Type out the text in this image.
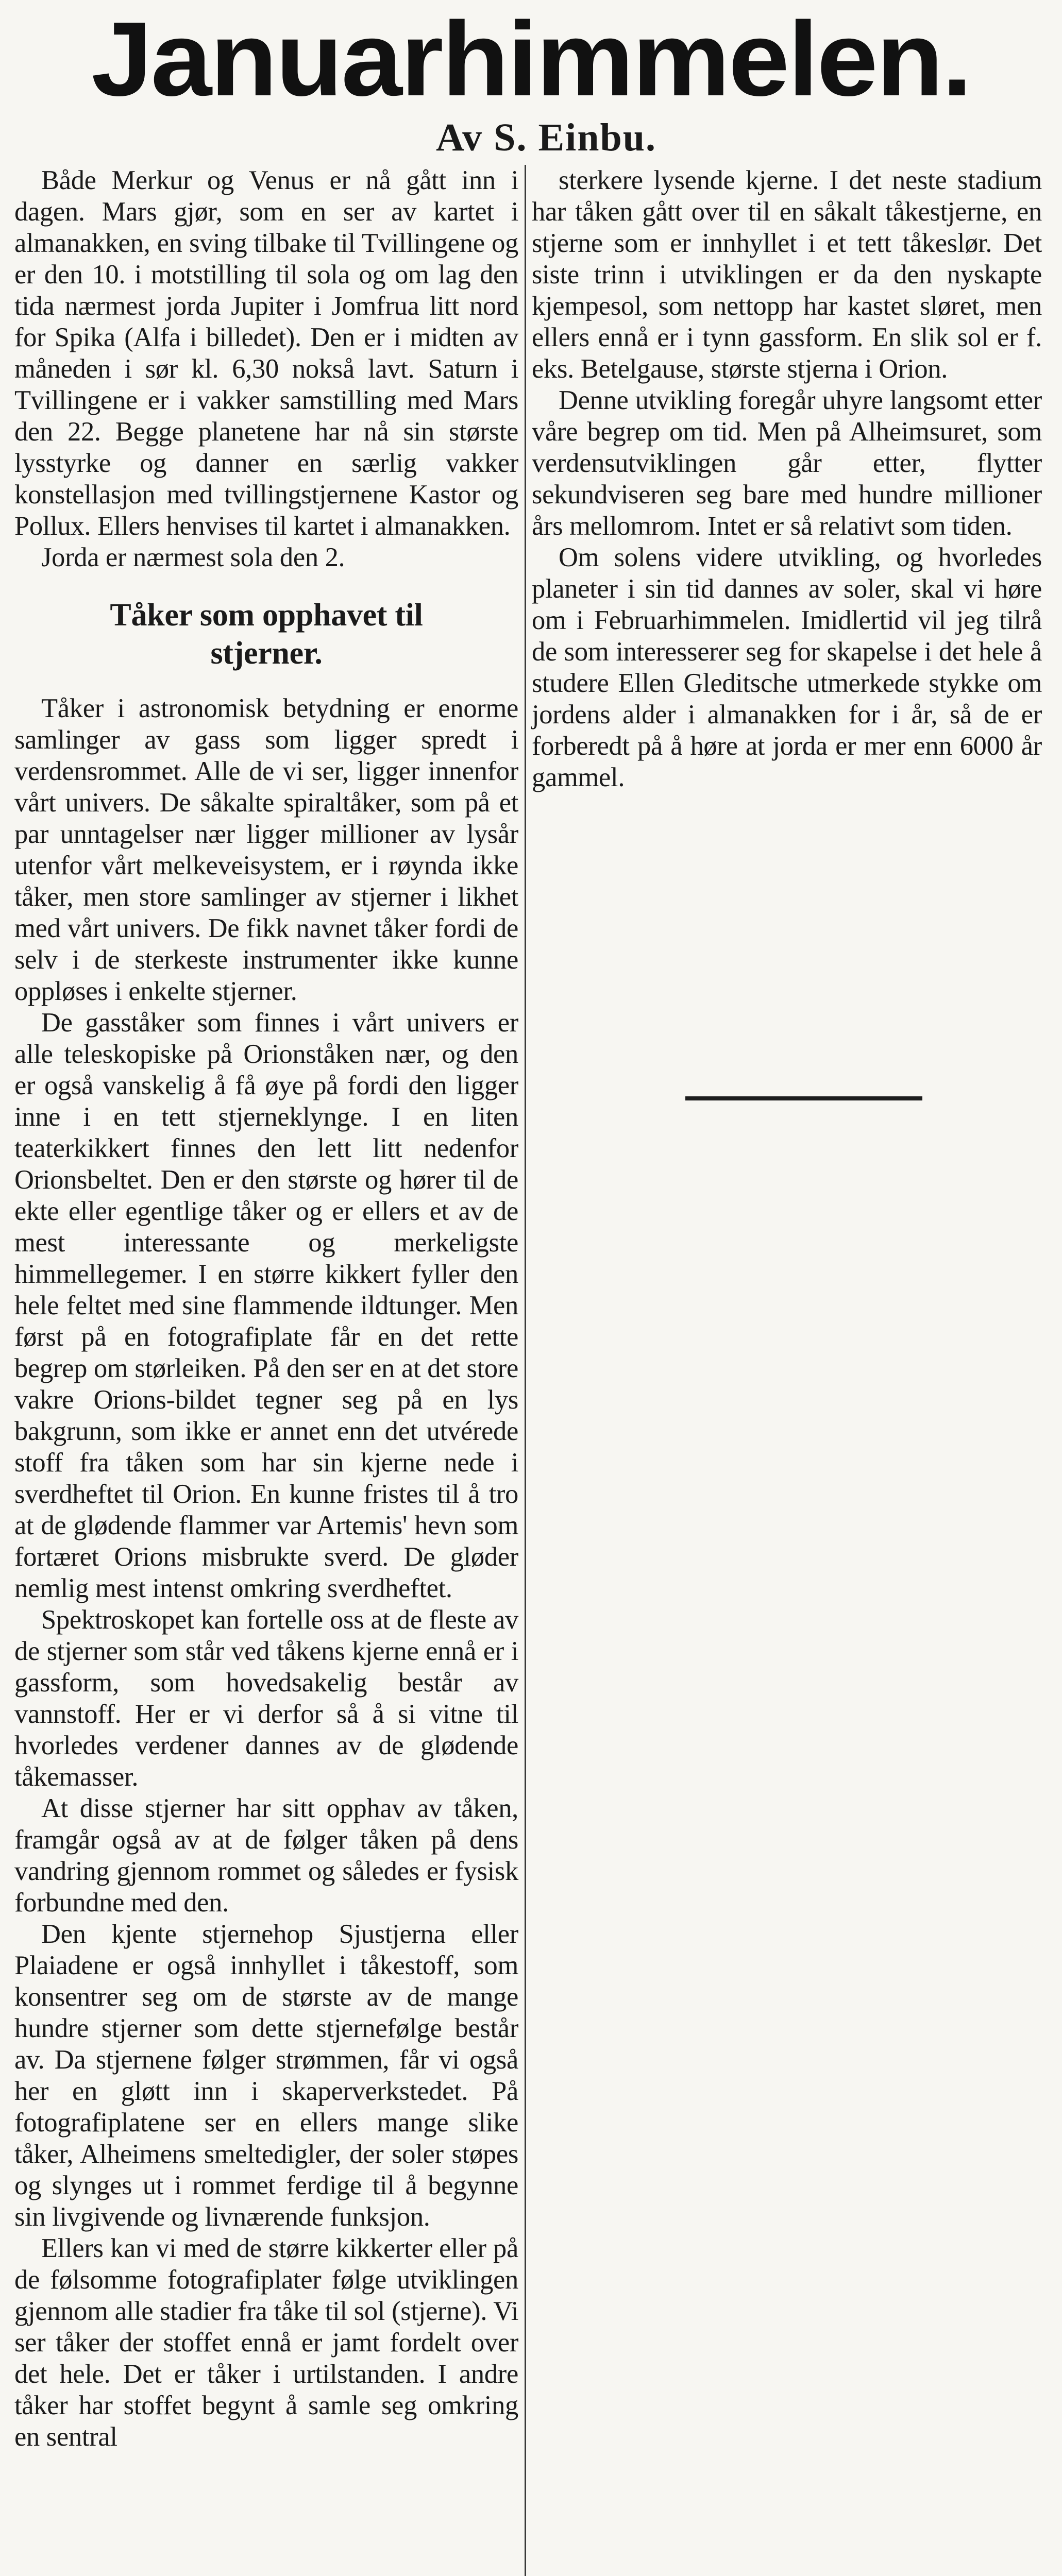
Januarhimmelen.
Av S. Einbu.

Både Merkur og Venus er nå gått inn i dagen. Mars gjør, som en ser av kartet i almanakken, en sving tilbake til Tvillingene og er den 10. i motstilling til sola og om lag den tida nærmest jorda Jupiter i Jomfrua litt nord for Spika (Alfa i billedet). Den er i midten av måneden i sør kl. 6,30 nokså lavt. Saturn i Tvillingene er i vakker samstilling med Mars den 22. Begge planetene har nå sin største lysstyrke og danner en særlig vakker konstellasjon med tvillingstjernene Kastor og Pollux. Ellers henvises til kartet i almanakken.

Jorda er nærmest sola den 2.

Tåker som opphavet til
stjerner.

Tåker i astronomisk betydning er enorme samlinger av gass som ligger spredt i verdensrommet. Alle de vi ser, ligger innenfor vårt univers. De såkalte spiraltåker, som på et par unntagelser nær ligger millioner av lysår utenfor vårt melkeveisystem, er i røynda ikke tåker, men store samlinger av stjerner i likhet med vårt univers. De fikk navnet tåker fordi de selv i de sterkeste instrumenter ikke kunne oppløses i enkelte stjerner.

De gasståker som finnes i vårt univers er alle teleskopiske på Orionståken nær, og den er også vanskelig å få øye på fordi den ligger inne i en tett stjerneklynge. I en liten teaterkikkert finnes den lett litt nedenfor Orionsbeltet. Den er den største og hører til de ekte eller egentlige tåker og er ellers et av de mest interessante og merkeligste himmellegemer. I en større kikkert fyller den hele feltet med sine flammende ildtunger. Men først på en fotografiplate får en det rette begrep om størleiken. På den ser en at det store vakre Orions-bildet tegner seg på en lys bakgrunn, som ikke er annet enn det utvérede stoff fra tåken som har sin kjerne nede i sverdheftet til Orion. En kunne fristes til å tro at de glødende flammer var Artemis' hevn som fortæret Orions misbrukte sverd. De gløder nemlig mest intenst omkring sverdheftet.

Spektroskopet kan fortelle oss at de fleste av de stjerner som står ved tåkens kjerne ennå er i gassform, som hovedsakelig består av vannstoff. Her er vi derfor så å si vitne til hvorledes verdener dannes av de glødende tåkemasser.

At disse stjerner har sitt opphav av tåken, framgår også av at de følger tåken på dens vandring gjennom rommet og således er fysisk forbundne med den.

Den kjente stjernehop Sjustjerna eller Plaiadene er også innhyllet i tåkestoff, som konsentrer seg om de største av de mange hundre stjerner som dette stjernefølge består av. Da stjernene følger strømmen, får vi også her en gløtt inn i skaperverkstedet. På fotografiplatene ser en ellers mange slike tåker, Alheimens smeltedigler, der soler støpes og slynges ut i rommet ferdige til å begynne sin livgivende og livnærende funksjon.

Ellers kan vi med de større kikkerter eller på de følsomme fotografiplater følge utviklingen gjennom alle stadier fra tåke til sol (stjerne). Vi ser tåker der stoffet ennå er jamt fordelt over det hele. Det er tåker i urtilstanden. I andre tåker har stoffet begynt å samle seg omkring en sentral

sterkere lysende kjerne. I det neste stadium har tåken gått over til en såkalt tåkestjerne, en stjerne som er innhyllet i et tett tåkeslør. Det siste trinn i utviklingen er da den nyskapte kjempesol, som nettopp har kastet sløret, men ellers ennå er i tynn gassform. En slik sol er f. eks. Betelgause, største stjerna i Orion.

Denne utvikling foregår uhyre langsomt etter våre begrep om tid. Men på Alheimsuret, som verdensutviklingen går etter, flytter sekundviseren seg bare med hundre millioner års mellomrom. Intet er så relativt som tiden.

Om solens videre utvikling, og hvorledes planeter i sin tid dannes av soler, skal vi høre om i Februarhimmelen. Imidlertid vil jeg tilrå de som interesserer seg for skapelse i det hele å studere Ellen Gleditsche utmerkede stykke om jordens alder i almanakken for i år, så de er forberedt på å høre at jorda er mer enn 6000 år gammel.
